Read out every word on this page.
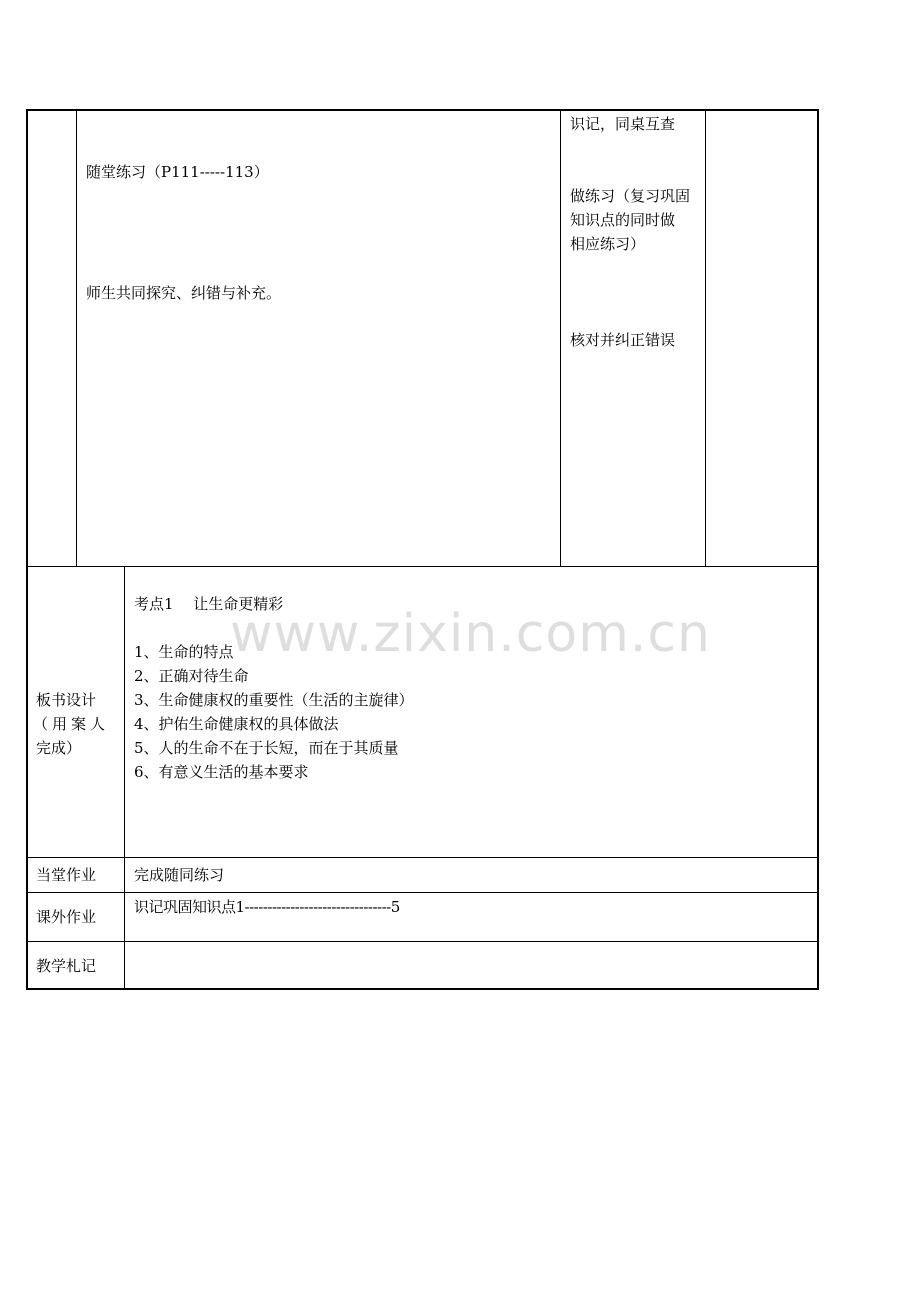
随堂练习（P111-----113）
师生共同探究、纠错与补充。
识记，同桌互查
做练习（复习巩固
知识点的同时做
相应练习）
核对并纠正错误
板书设计
（用案人
完成）
考点1　 让生命更精彩
1、生命的特点
2、正确对待生命
3、生命健康权的重要性（生活的主旋律）
4、护佑生命健康权的具体做法
5、人的生命不在于长短，而在于其质量
6、有意义生活的基本要求
当堂作业	完成随同练习
课外作业
识记巩固知识点1--------------------------------5
教学札记
www.zixin.com.cn
